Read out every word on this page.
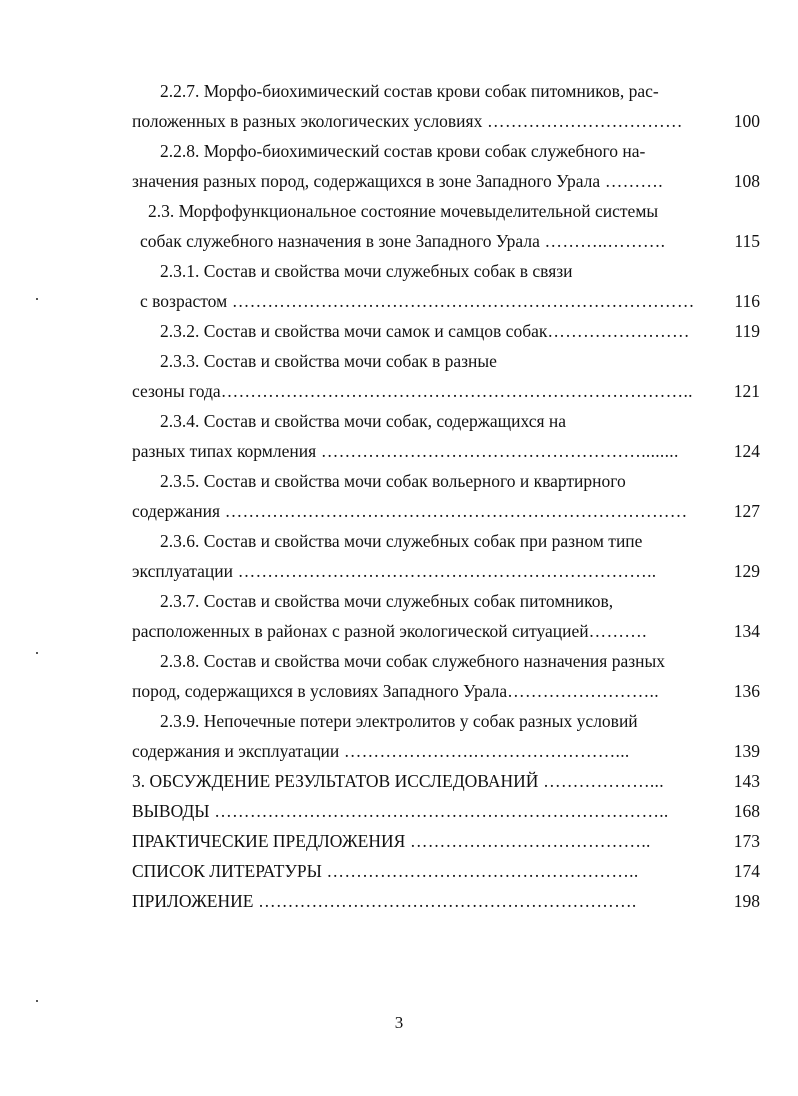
2.2.7. Морфо-биохимический состав крови собак питомников, рас-
положенных в разных экологических условиях ……………………………	100
2.2.8. Морфо-биохимический состав крови собак служебного на-
значения разных пород, содержащихся в зоне Западного Урала ……….	108
2.3. Морфофункциональное состояние мочевыделительной системы
собак служебного назначения в зоне Западного Урала ………..……….	115
2.3.1. Состав и свойства мочи служебных собак в связи
с возрастом ……………………………………………………………………	116
2.3.2. Состав и свойства мочи самок и самцов собак……………………	119
2.3.3. Состав и свойства мочи собак в разные
сезоны года……………………………………………………………………..	121
2.3.4. Состав и свойства мочи собак, содержащихся на
разных типах кормления ………………………………………………........	124
2.3.5. Состав и свойства мочи собак вольерного и квартирного
содержания ……………………………………………………………………	127
2.3.6. Состав и свойства мочи служебных собак при разном типе
эксплуатации ……………………………………………………………..	129
2.3.7. Состав и свойства мочи служебных собак питомников,
расположенных в районах с разной экологической ситуацией……….	134
2.3.8. Состав и свойства мочи собак служебного назначения разных
пород, содержащихся в условиях Западного Урала……………………..	136
2.3.9. Непочечные потери электролитов у собак разных условий
содержания и эксплуатации ………………….……………………...	139
3. ОБСУЖДЕНИЕ РЕЗУЛЬТАТОВ ИССЛЕДОВАНИЙ ………………...	143
ВЫВОДЫ …………………………………………………………………..	168
ПРАКТИЧЕСКИЕ ПРЕДЛОЖЕНИЯ …………………………………..	173
СПИСОК ЛИТЕРАТУРЫ ……………………………………………..	174
ПРИЛОЖЕНИЕ ……………………………………………………….	198
3
